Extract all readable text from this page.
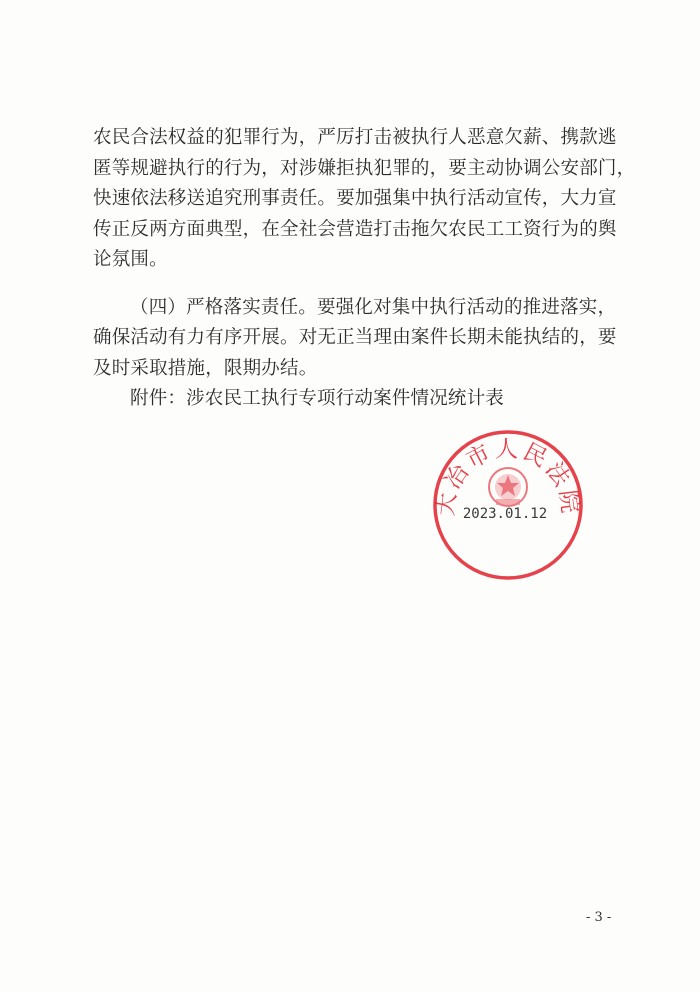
农民合法权益的犯罪行为，严厉打击被执行人恶意欠薪、携款逃
匿等规避执行的行为，对涉嫌拒执犯罪的，要主动协调公安部门，
快速依法移送追究刑事责任。要加强集中执行活动宣传，大力宣
传正反两方面典型，在全社会营造打击拖欠农民工工资行为的舆
论氛围。
（四）严格落实责任。要强化对集中执行活动的推进落实，
确保活动有力有序开展。对无正当理由案件长期未能执结的，要
及时采取措施，限期办结。
附件：涉农民工执行专项行动案件情况统计表
大冶市人民法院
2023.01.12
- 3 -
